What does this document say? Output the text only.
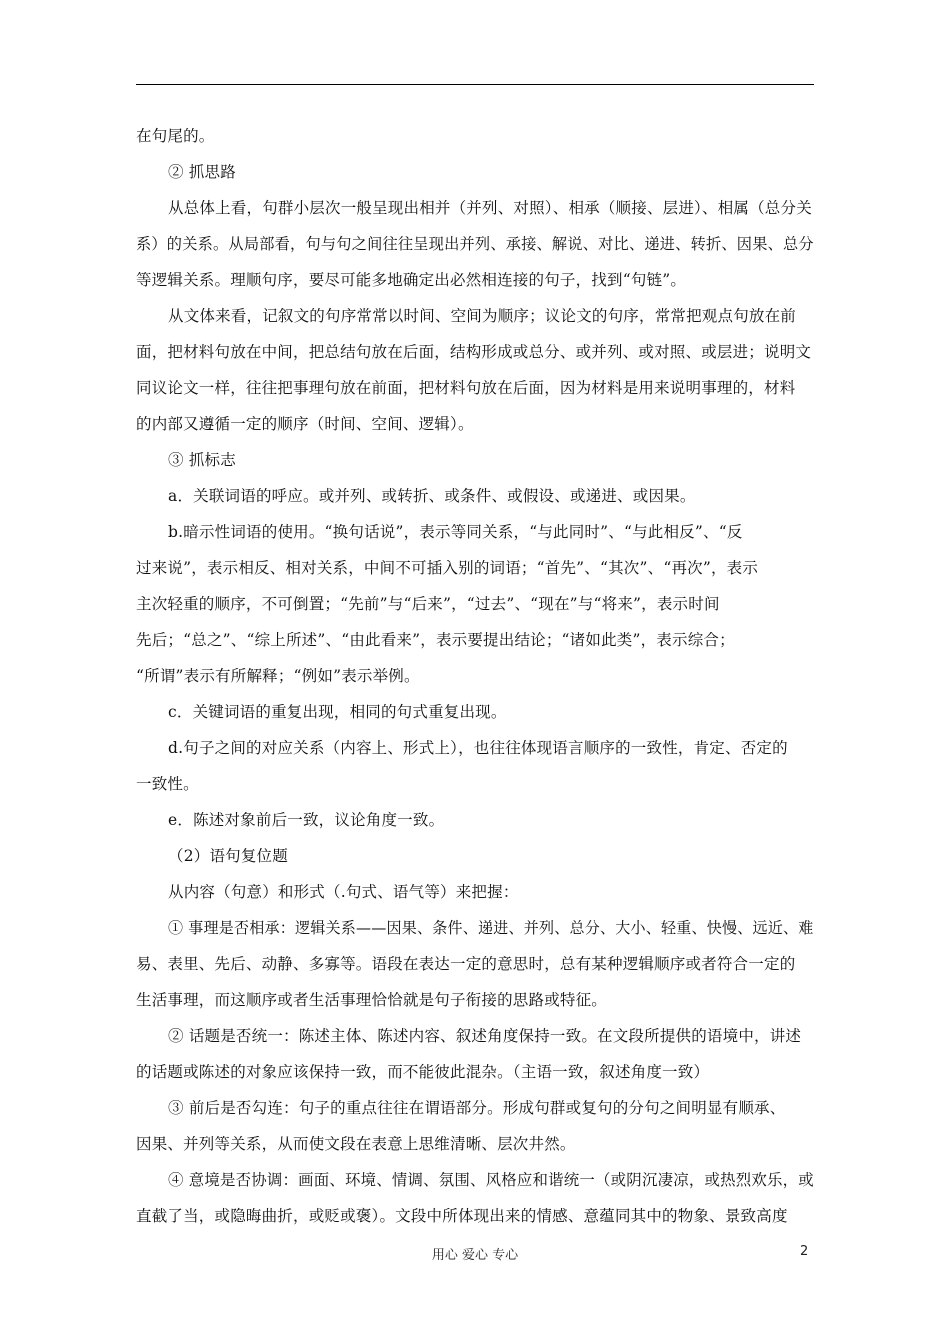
在句尾的。
② 抓思路
从总体上看，句群小层次一般呈现出相并（并列、对照）、相承（顺接、层进）、相属（总分关
系）的关系。从局部看，句与句之间往往呈现出并列、承接、解说、对比、递进、转折、因果、总分
等逻辑关系。理顺句序，要尽可能多地确定出必然相连接的句子，找到“句链”。
从文体来看，记叙文的句序常常以时间、空间为顺序；议论文的句序，常常把观点句放在前
面，把材料句放在中间，把总结句放在后面，结构形成或总分、或并列、或对照、或层进；说明文
同议论文一样，往往把事理句放在前面，把材料句放在后面，因为材料是用来说明事理的，材料
的内部又遵循一定的顺序（时间、空间、逻辑）。
③ 抓标志
a．关联词语的呼应。或并列、或转折、或条件、或假设、或递进、或因果。
b.暗示性词语的使用。“换句话说”，表示等同关系，“与此同时”、“与此相反”、“反
过来说”，表示相反、相对关系，中间不可插入别的词语；“首先”、“其次”、“再次”，表示
主次轻重的顺序，不可倒置；“先前”与“后来”，“过去”、“现在”与“将来”，表示时间
先后；“总之”、“综上所述”、“由此看来”，表示要提出结论；“诸如此类”，表示综合；
“所谓”表示有所解释；“例如”表示举例。
c．关键词语的重复出现，相同的句式重复出现。
d.句子之间的对应关系（内容上、形式上），也往往体现语言顺序的一致性，肯定、否定的
一致性。
e．陈述对象前后一致，议论角度一致。
（2）语句复位题
从内容（句意）和形式（.句式、语气等）来把握：
① 事理是否相承：逻辑关系——因果、条件、递进、并列、总分、大小、轻重、快慢、远近、难
易、表里、先后、动静、多寡等。语段在表达一定的意思时，总有某种逻辑顺序或者符合一定的
生活事理，而这顺序或者生活事理恰恰就是句子衔接的思路或特征。
② 话题是否统一：陈述主体、陈述内容、叙述角度保持一致。在文段所提供的语境中，讲述
的话题或陈述的对象应该保持一致，而不能彼此混杂。（主语一致，叙述角度一致）
③ 前后是否勾连：句子的重点往往在谓语部分。形成句群或复句的分句之间明显有顺承、
因果、并列等关系，从而使文段在表意上思维清晰、层次井然。
④ 意境是否协调：画面、环境、情调、氛围、风格应和谐统一（或阴沉凄凉，或热烈欢乐，或
直截了当，或隐晦曲折，或贬或褒）。文段中所体现出来的情感、意蕴同其中的物象、景致高度
用心 爱心 专心	2
